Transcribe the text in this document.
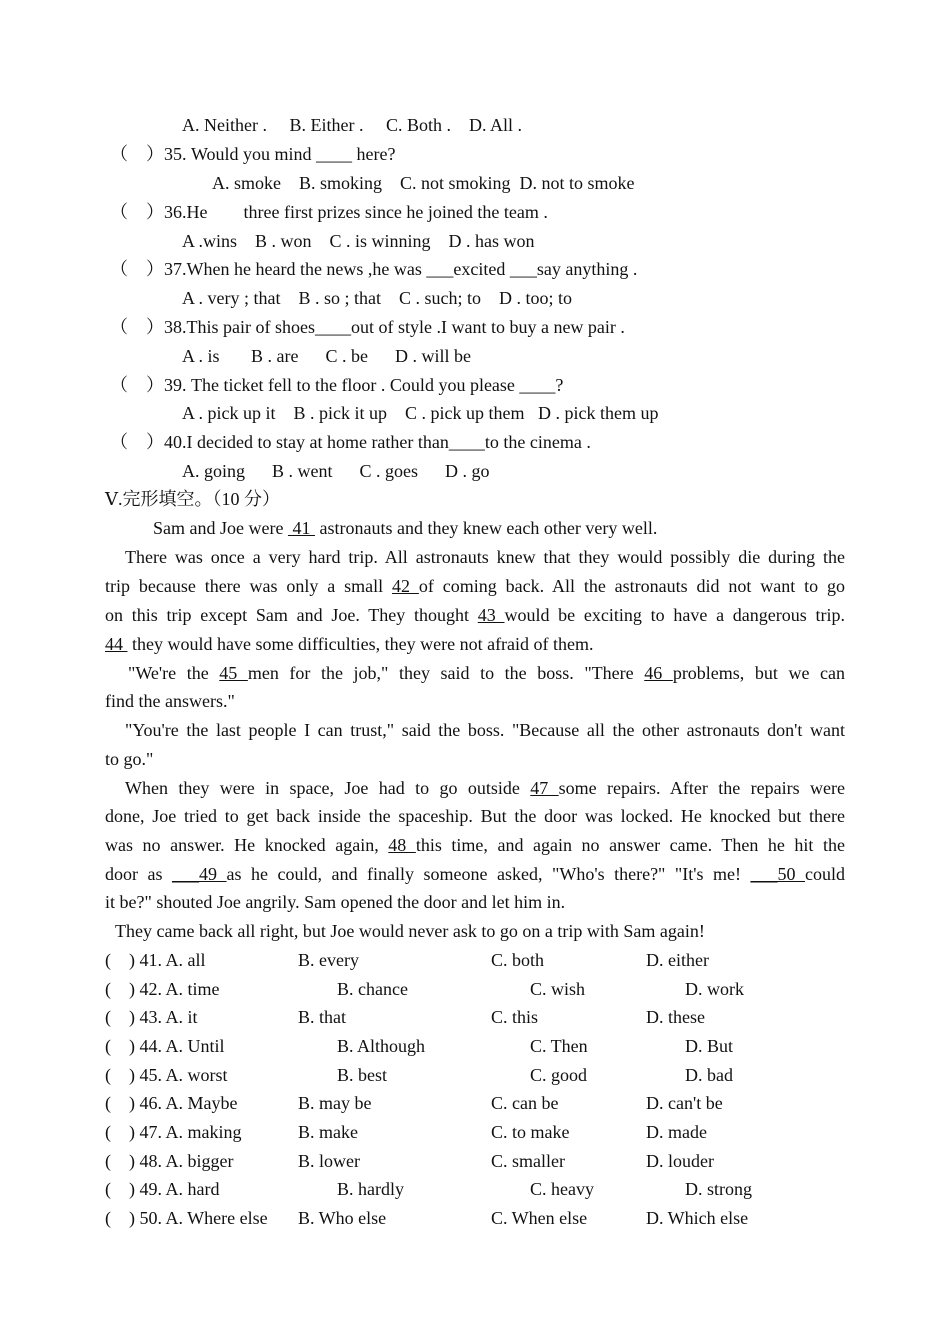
A. Neither .     B. Either .     C. Both .    D. All .
（    ）35. Would you mind ____ here?
A. smoke    B. smoking    C. not smoking  D. not to smoke
（    ）36.He        three first prizes since he joined the team .
A .wins    B . won    C . is winning    D . has won
（    ）37.When he heard the news ,he was ___excited ___say anything .
A . very ; that    B . so ; that    C . such; to    D . too; to
（    ）38.This pair of shoes____out of style .I want to buy a new pair .
A . is       B . are      C . be      D . will be
（    ）39. The ticket fell to the floor . Could you please ____?
A . pick up it    B . pick it up    C . pick up them   D . pick them up
（    ）40.I decided to stay at home rather than____to the cinema .
A. going      B . went      C . goes      D . go
Ⅴ.完形填空。（10 分）
Sam and Joe were  41  astronauts and they knew each other very well.
There was once a very hard trip. All astronauts knew that they would possibly die during the
trip because there was only a small 42 of coming back. All the astronauts did not want to go
on this trip except Sam and Joe. They thought 43 would be exciting to have a dangerous trip.
44  they would have some difficulties, they were not afraid of them.
"We're the 45 men for the job," they said to the boss. "There 46 problems, but we can
find the answers."
"You're the last people I can trust," said the boss. "Because all the other astronauts don't want
to go."
When they were in space, Joe had to go outside 47 some repairs. After the repairs were
done, Joe tried to get back inside the spaceship. But the door was locked. He knocked but there
was no answer. He knocked again, 48 this time, and again no answer came. Then he hit the
door as ___49 as he could, and finally someone asked, "Who's there?" "It's me! ___50 could
it be?" shouted Joe angrily. Sam opened the door and let him in.
They came back all right, but Joe would never ask to go on a trip with Sam again!
(    ) 41. A. all	B. every	C. both	D. either
(    ) 42. A. time	B. chance	C. wish	D. work
(    ) 43. A. it	B. that	C. this	D. these
(    ) 44. A. Until	B. Although	C. Then	D. But
(    ) 45. A. worst	B. best	C. good	D. bad
(    ) 46. A. Maybe	B. may be	C. can be	D. can't be
(    ) 47. A. making	B. make	C. to make	D. made
(    ) 48. A. bigger	B. lower	C. smaller	D. louder
(    ) 49. A. hard	B. hardly	C. heavy	D. strong
(    ) 50. A. Where else B. Who else	C. When else	D. Which else
